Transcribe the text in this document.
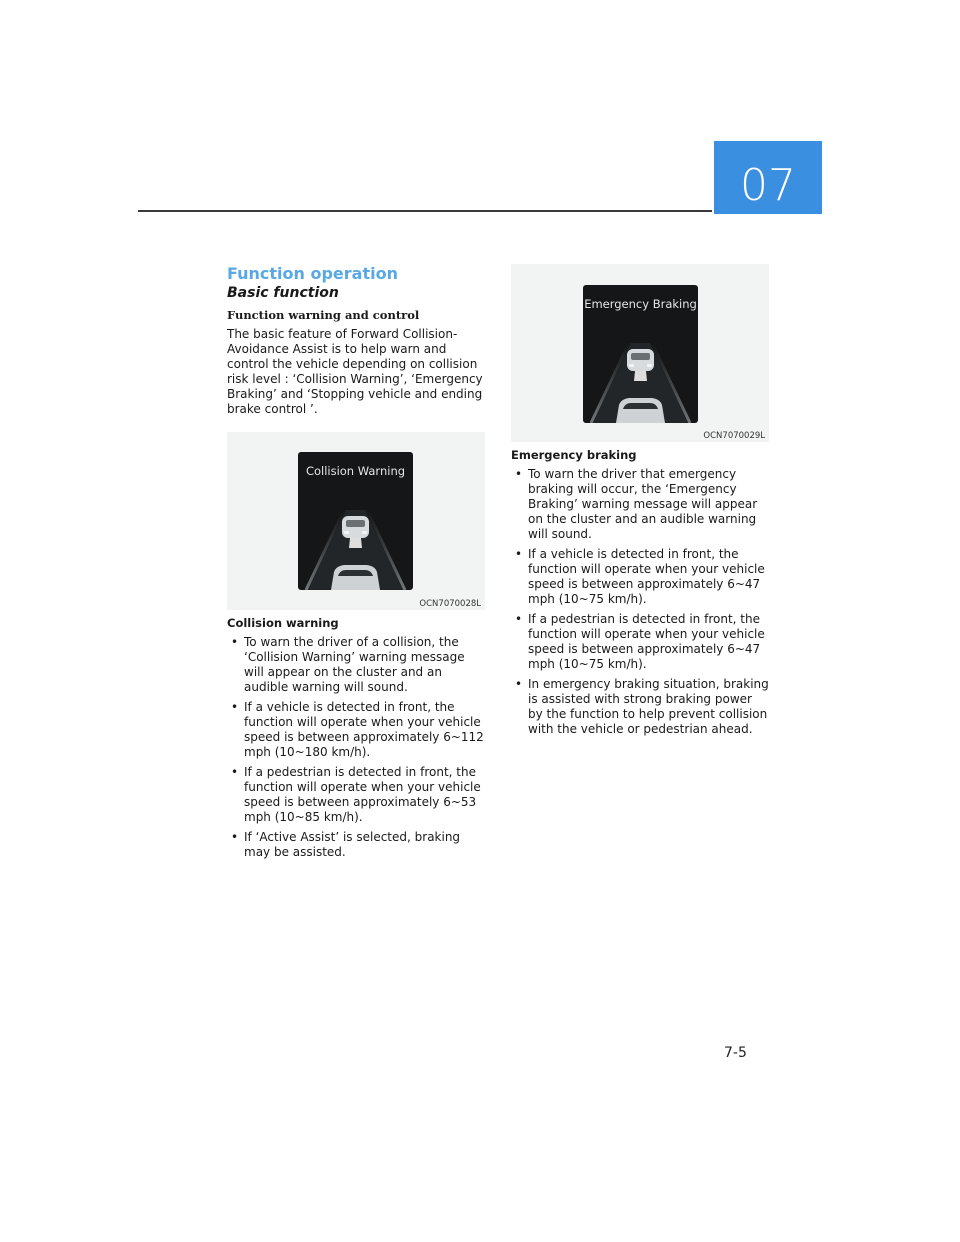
07
Function operation
Basic function
Function warning and control

The basic feature of Forward Collision-Avoidance Assist is to help warn and control the vehicle depending on collision risk level : ‘Collision Warning’, ‘Emergency Braking’ and ‘Stopping vehicle and ending brake control ’.

Collision Warning
OCN7070028L
Collision warning
• To warn the driver of a collision, the ‘Collision Warning’ warning message will appear on the cluster and an audible warning will sound.
• If a vehicle is detected in front, the function will operate when your vehicle speed is between approximately 6~112 mph (10~180 km/h).
• If a pedestrian is detected in front, the function will operate when your vehicle speed is between approximately 6~53 mph (10~85 km/h).
• If ‘Active Assist’ is selected, braking may be assisted.
Emergency Braking
OCN7070029L
Emergency braking
• To warn the driver that emergency braking will occur, the ‘Emergency Braking’ warning message will appear on the cluster and an audible warning will sound.
• If a vehicle is detected in front, the function will operate when your vehicle speed is between approximately 6~47 mph (10~75 km/h).
• If a pedestrian is detected in front, the function will operate when your vehicle speed is between approximately 6~47 mph (10~75 km/h).
• In emergency braking situation, braking is assisted with strong braking power by the function to help prevent collision with the vehicle or pedestrian ahead.
7-5
